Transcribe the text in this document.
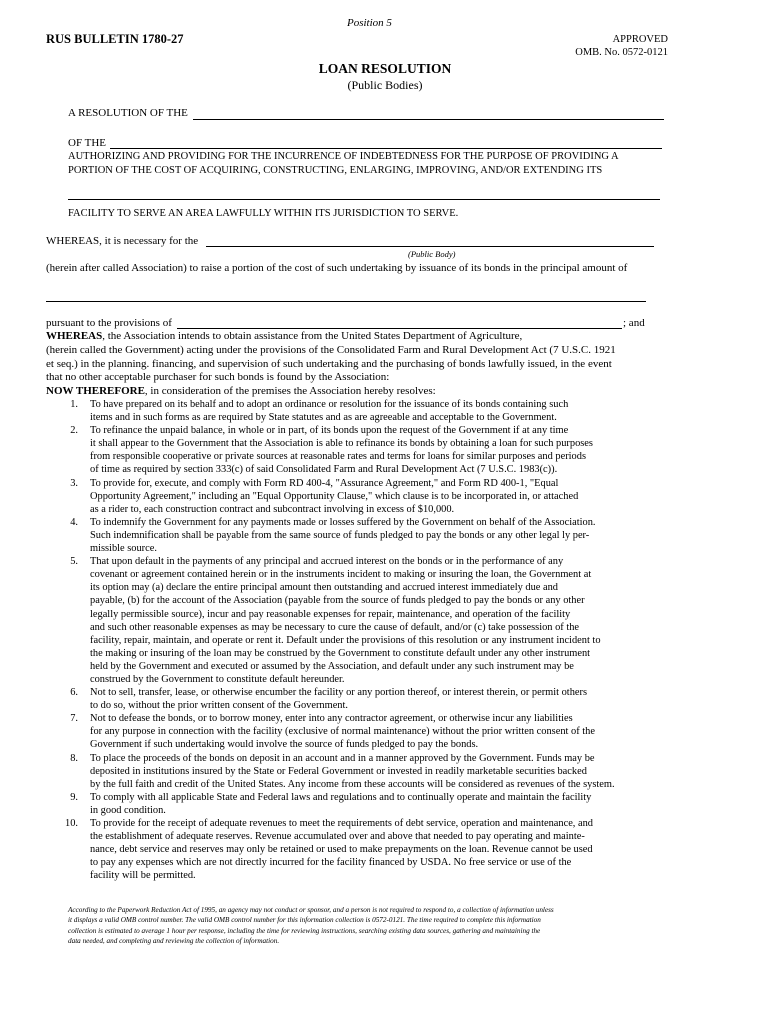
Position 5
RUS BULLETIN 1780-27	APPROVED
OMB. No. 0572-0121
LOAN RESOLUTION
(Public Bodies)
A RESOLUTION OF THE
OF THE
AUTHORIZING AND PROVIDING FOR THE INCURRENCE OF INDEBTEDNESS FOR THE PURPOSE OF PROVIDING A
PORTION OF THE COST OF ACQUIRING, CONSTRUCTING, ENLARGING, IMPROVING, AND/OR EXTENDING ITS
FACILITY TO SERVE AN AREA LAWFULLY WITHIN ITS JURISDICTION TO SERVE.
WHEREAS, it is necessary for the
(Public Body)
(herein after called Association) to raise a portion of the cost of such undertaking by issuance of its bonds in the principal amount of
pursuant to the provisions of	; and
WHEREAS, the Association intends to obtain assistance from the United States Department of Agriculture,
(herein called the Government) acting under the provisions of the Consolidated Farm and Rural Development Act (7 U.S.C. 1921
et seq.) in the planning. financing, and supervision of such undertaking and the purchasing of bonds lawfully issued, in the event
that no other acceptable purchaser for such bonds is found by the Association:
NOW THEREFORE, in consideration of the premises the Association hereby resolves:
1. To have prepared on its behalf and to adopt an ordinance or resolution for the issuance of its bonds containing such
items and in such forms as are required by State statutes and as are agreeable and acceptable to the Government.
2. To refinance the unpaid balance, in whole or in part, of its bonds upon the request of the Government if at any time
it shall appear to the Government that the Association is able to refinance its bonds by obtaining a loan for such purposes
from responsible cooperative or private sources at reasonable rates and terms for loans for similar purposes and periods
of time as required by section 333(c) of said Consolidated Farm and Rural Development Act (7 U.S.C. 1983(c)).
3. To provide for, execute, and comply with Form RD 400-4, "Assurance Agreement," and Form RD 400-1, "Equal
Opportunity Agreement," including an "Equal Opportunity Clause," which clause is to be incorporated in, or attached
as a rider to, each construction contract and subcontract involving in excess of $10,000.
4. To indemnify the Government for any payments made or losses suffered by the Government on behalf of the Association.
Such indemnification shall be payable from the same source of funds pledged to pay the bonds or any other legal ly per-
missible source.
5. That upon default in the payments of any principal and accrued interest on the bonds or in the performance of any
covenant or agreement contained herein or in the instruments incident to making or insuring the loan, the Government at
its option may (a) declare the entire principal amount then outstanding and accrued interest immediately due and
payable, (b) for the account of the Association (payable from the source of funds pledged to pay the bonds or any other
legally permissible source), incur and pay reasonable expenses for repair, maintenance, and operation of the facility
and such other reasonable expenses as may be necessary to cure the cause of default, and/or (c) take possession of the
facility, repair, maintain, and operate or rent it. Default under the provisions of this resolution or any instrument incident to
the making or insuring of the loan may be construed by the Government to constitute default under any other instrument
held by the Government and executed or assumed by the Association, and default under any such instrument may be
construed by the Government to constitute default hereunder.
6. Not to sell, transfer, lease, or otherwise encumber the facility or any portion thereof, or interest therein, or permit others
to do so, without the prior written consent of the Government.
7. Not to defease the bonds, or to borrow money, enter into any contractor agreement, or otherwise incur any liabilities
for any purpose in connection with the facility (exclusive of normal maintenance) without the prior written consent of the
Government if such undertaking would involve the source of funds pledged to pay the bonds.
8. To place the proceeds of the bonds on deposit in an account and in a manner approved by the Government. Funds may be
deposited in institutions insured by the State or Federal Government or invested in readily marketable securities backed
by the full faith and credit of the United States. Any income from these accounts will be considered as revenues of the system.
9. To comply with all applicable State and Federal laws and regulations and to continually operate and maintain the facility
in good condition.
10. To provide for the receipt of adequate revenues to meet the requirements of debt service, operation and maintenance, and
the establishment of adequate reserves. Revenue accumulated over and above that needed to pay operating and mainte-
nance, debt service and reserves may only be retained or used to make prepayments on the loan. Revenue cannot be used
to pay any expenses which are not directly incurred for the facility financed by USDA. No free service or use of the
facility will be permitted.
According to the Paperwork Reduction Act of 1995, an agency may not conduct or sponsor, and a person is not required to respond to, a collection of information unless
it displays a valid OMB control number. The valid OMB control number for this information collection is 0572-0121. The time required to complete this information
collection is estimated to average 1 hour per response, including the time for reviewing instructions, searching existing data sources, gathering and maintaining the
data needed, and completing and reviewing the collection of information.
